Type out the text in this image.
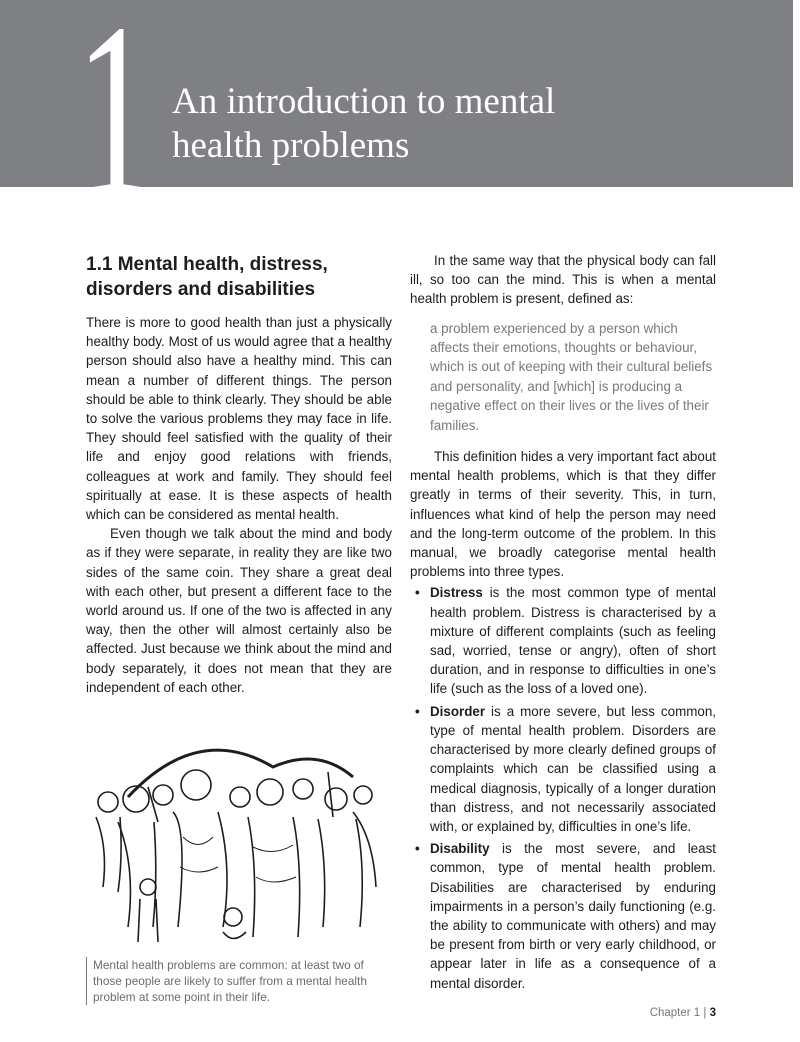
1 An introduction to mental
health problems
1.1 Mental health, distress, disorders and disabilities

There is more to good health than just a physically healthy body. Most of us would agree that a healthy person should also have a healthy mind. This can mean a number of different things. The person should be able to think clearly. They should be able to solve the various problems they may face in life. They should feel satisfied with the quality of their life and enjoy good relations with friends, colleagues at work and family. They should feel spiritually at ease. It is these aspects of health which can be considered as mental health.

Even though we talk about the mind and body as if they were separate, in reality they are like two sides of the same coin. They share a great deal with each other, but present a different face to the world around us. If one of the two is affected in any way, then the other will almost certainly also be affected. Just because we think about the mind and body separately, it does not mean that they are independent of each other.

Mental health problems are common: at least two of those people are likely to suffer from a mental health problem at some point in their life.

In the same way that the physical body can fall ill, so too can the mind. This is when a mental health problem is present, defined as:

a problem experienced by a person which affects their emotions, thoughts or behaviour, which is out of keeping with their cultural beliefs and personality, and [which] is producing a negative effect on their lives or the lives of their families.

This definition hides a very important fact about mental health problems, which is that they differ greatly in terms of their severity. This, in turn, influences what kind of help the person may need and the long-term outcome of the problem. In this manual, we broadly categorise mental health problems into three types.

• Distress is the most common type of mental health problem. Distress is characterised by a mixture of different complaints (such as feeling sad, worried, tense or angry), often of short duration, and in response to difficulties in one’s life (such as the loss of a loved one).
• Disorder is a more severe, but less common, type of mental health problem. Disorders are characterised by more clearly defined groups of complaints which can be classified using a medical diagnosis, typically of a longer duration than distress, and not necessarily associated with, or explained by, difficulties in one’s life.
• Disability is the most severe, and least common, type of mental health problem. Disabilities are characterised by enduring impairments in a person’s daily functioning (e.g. the ability to communicate with others) and may be present from birth or very early childhood, or appear later in life as a consequence of a mental disorder.
Chapter 1 | 3
